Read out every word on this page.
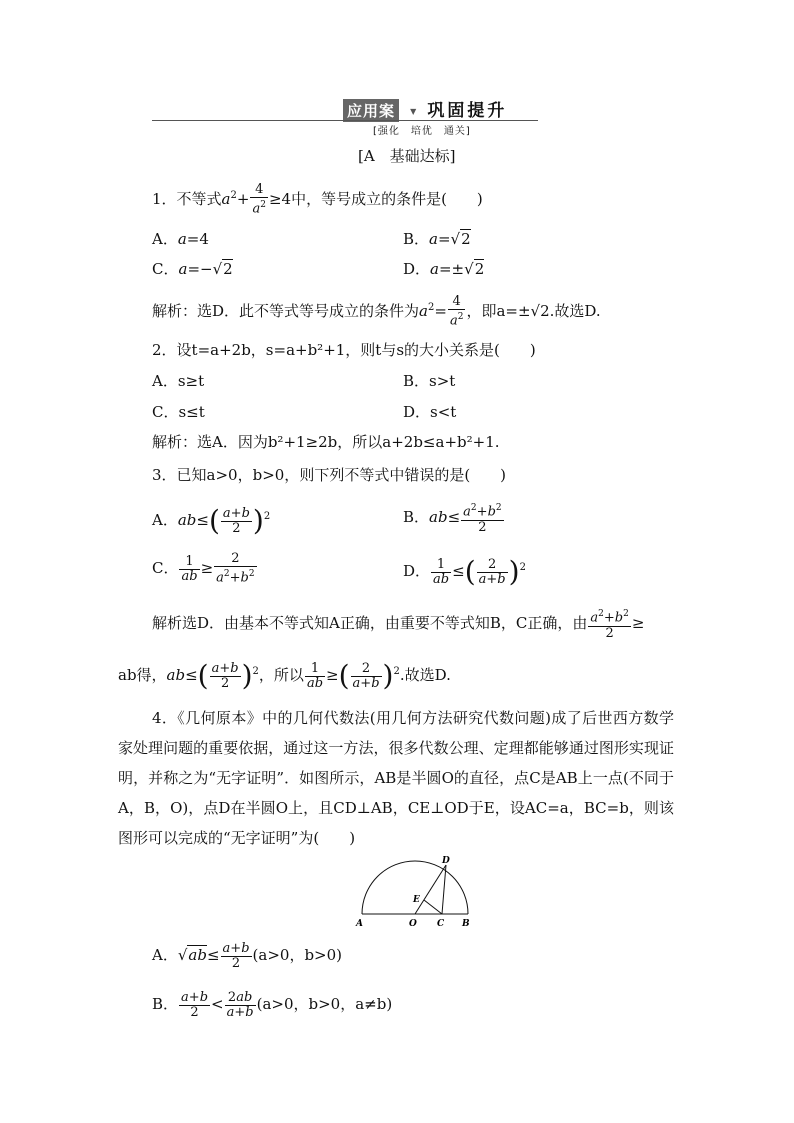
应用案 ▼ 巩固提升
[强化　培优　通关]
[A　基础达标]
1．不等式$a^2+ \frac{4}{a^2} \ge 4$中，等号成立的条件是(　　)
A．a=4	B．a=√2
C．a=−√2	D．a=±√2
解析：选D．此不等式等号成立的条件为$a^2= \frac{4}{a^2}$ ，即a=±√2.故选D.
2．设t=a+2b，s=a+b²+1，则t与s的大小关系是(　　)
A．s≥t	B．s>t
C．s≤t	D．s<t
解析：选A．因为b²+1≥2b，所以a+2b≤a+b²+1.
3．已知a>0，b>0，则下列不等式中错误的是(　　)
A．$ab\le( \frac{a+b}{2} )^2$	B．$ab\le \frac{a^2+b^2}{2}$
C． $\frac{1}{ab} \ge \frac{2}{a^2+b^2}$	D． $\frac{1}{ab}$ ≤( $\frac{2}{a+b} )^2$
解析选D．由基本不等式知A正确，由重要不等式知B，C正确，由 $\frac{a^2+b^2}{2}$ ≥
ab得，$ab\le( \frac{a+b}{2} )^2$，所以 $\frac{1}{ab}$ ≥( $\frac{2}{a+b} )^2$.故选D.

4．《几何原本》中的几何代数法(用几何方法研究代数问题)成了后世西方数学家处理问题的重要依据，通过这一方法，很多代数公理、定理都能够通过图形实现证明，并称之为“无字证明”．如图所示，AB是半圆O的直径，点C是AB上一点(不同于A，B，O)，点D在半圆O上，且CD⊥AB，CE⊥OD于E，设AC=a，BC=b，则该图形可以完成的“无字证明”为(　　)

A	O
E
C B
D
A．$√ab\le \frac{a+b}{2} (a>0$，b>0)
B． $\frac{a+b}{2} < \frac{2ab}{a+b} (a>0$，b>0，a≠b)
